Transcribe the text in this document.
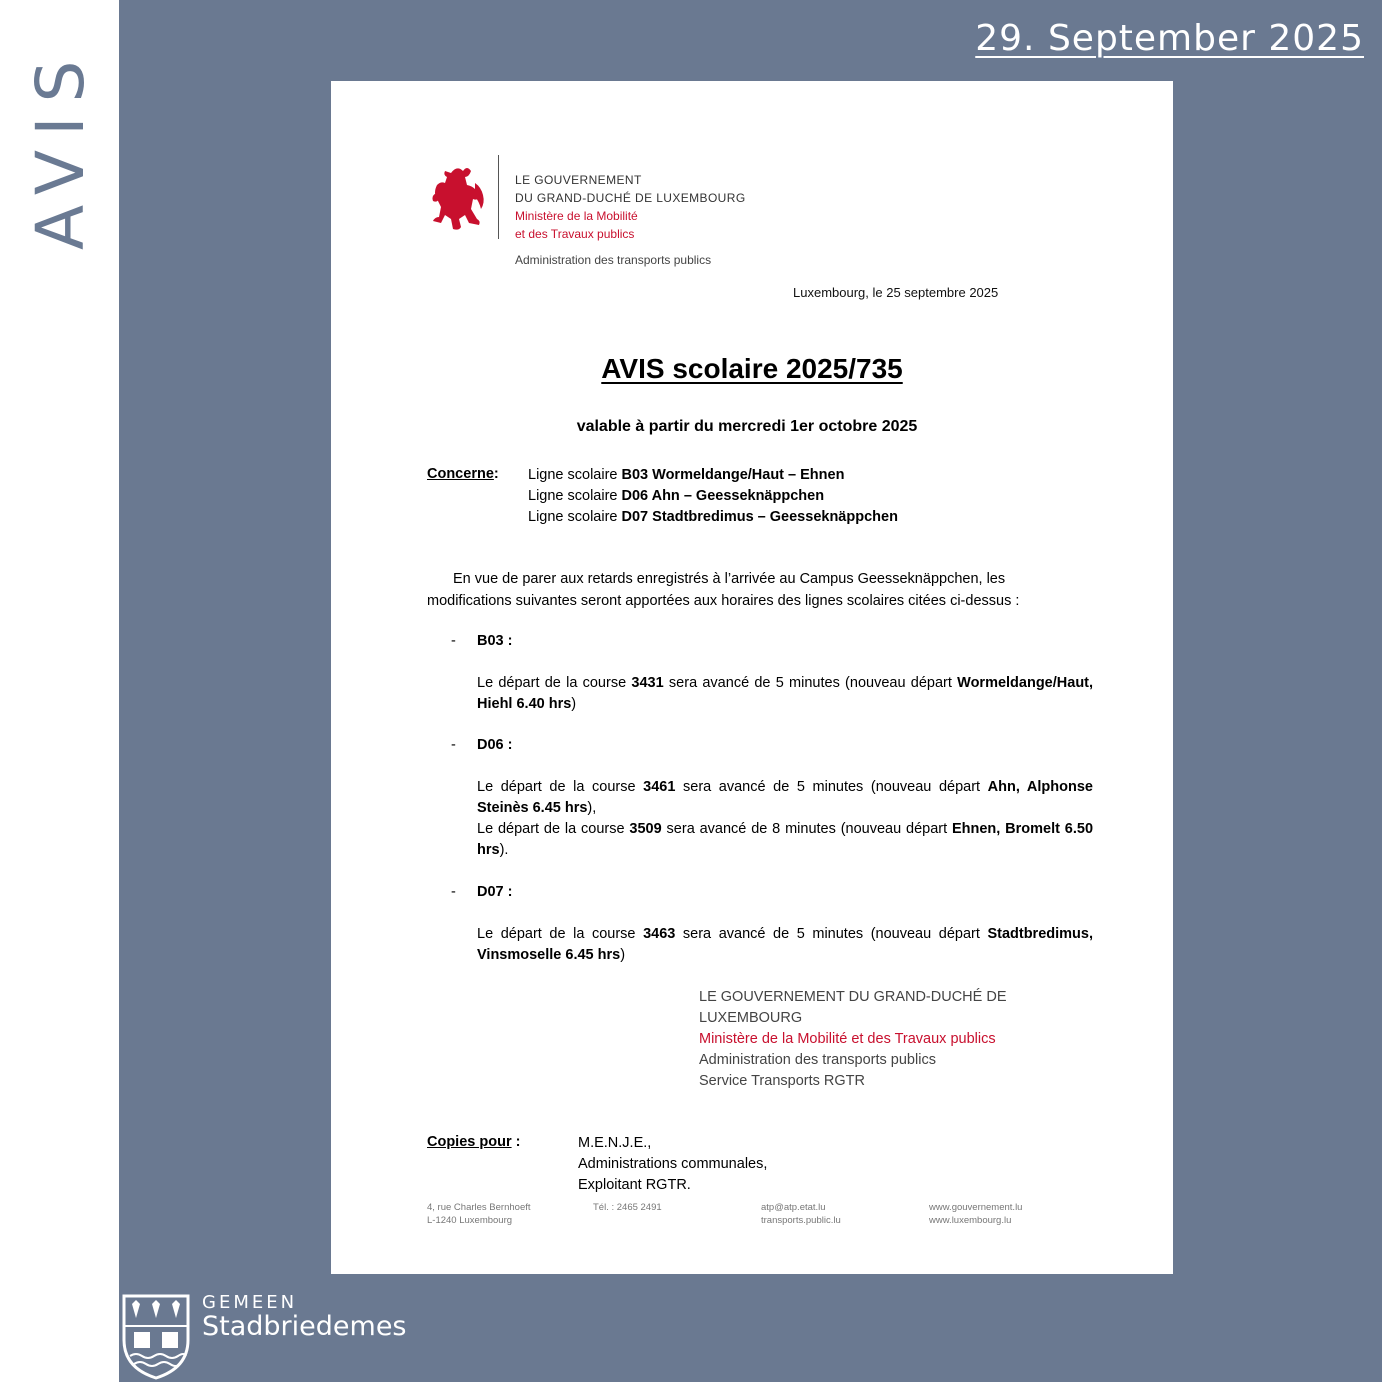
AVIS
29. September 2025
LE GOUVERNEMENT
DU GRAND-DUCHÉ DE LUXEMBOURG
Ministère de la Mobilité
et des Travaux publics
Administration des transports publics
Luxembourg, le 25 septembre 2025
AVIS scolaire 2025/735
valable à partir du mercredi 1er octobre 2025
Concerne: Ligne scolaire B03 Wormeldange/Haut – Ehnen
Ligne scolaire D06 Ahn – Geesseknäppchen
Ligne scolaire D07 Stadtbredimus – Geesseknäppchen
En vue de parer aux retards enregistrés à l’arrivée au Campus Geesseknäppchen, les
modifications suivantes seront apportées aux horaires des lignes scolaires citées ci-dessus :
- B03 :
Le départ de la course 3431 sera avancé de 5 minutes (nouveau départ Wormeldange/Haut, Hiehl 6.40 hrs)
- D06 :
Le départ de la course 3461 sera avancé de 5 minutes (nouveau départ Ahn, Alphonse Steinès 6.45 hrs),
Le départ de la course 3509 sera avancé de 8 minutes (nouveau départ Ehnen, Bromelt 6.50 hrs).
- D07 :
Le départ de la course 3463 sera avancé de 5 minutes (nouveau départ Stadtbredimus, Vinsmoselle 6.45 hrs)
LE GOUVERNEMENT DU GRAND-DUCHÉ DE
LUXEMBOURG
Ministère de la Mobilité et des Travaux publics
Administration des transports publics
Service Transports RGTR
Copies pour :	M.E.N.J.E.,
Administrations communales,
Exploitant RGTR.
4, rue Charles Bernhoeft
L-1240 Luxembourg
Tél. : 2465 2491	atp@atp.etat.lu
transports.public.lu
www.gouvernement.lu
www.luxembourg.lu
GEMEEN
Stadbriedemes
